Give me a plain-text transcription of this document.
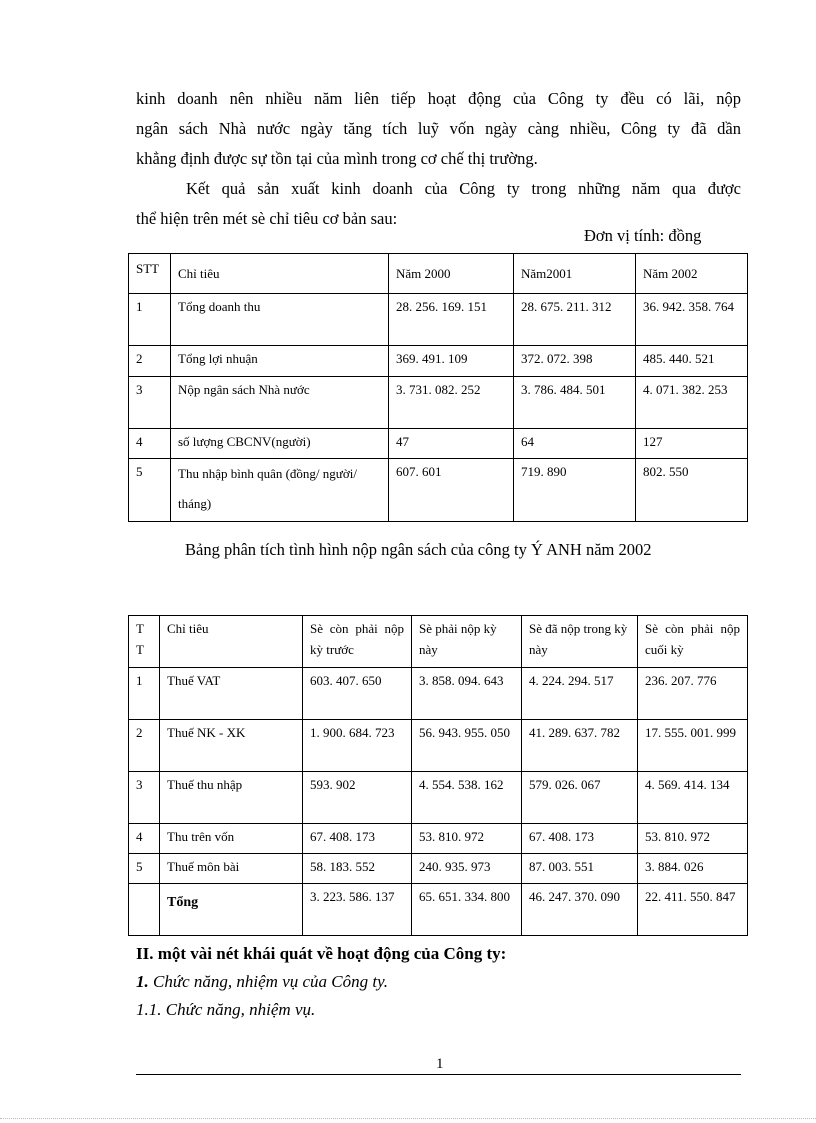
kinh doanh nên nhiều năm liên tiếp hoạt động của Công ty đều có lãi, nộp
ngân sách Nhà nước ngày tăng tích luỹ vốn ngày càng nhiều, Công ty đã dần
khẳng định được sự tồn tại của mình trong cơ chế thị trường.
Kết quả sản xuất kinh doanh của Công ty trong những năm qua được
thể hiện trên mét sè chỉ tiêu cơ bản sau:
Đơn vị tính: đồng
STT	Chỉ tiêu	Năm 2000	Năm2001	Năm 2002
1	Tổng doanh thu	28. 256. 169. 151	28. 675. 211. 312	36. 942. 358. 764
2	Tổng lợi nhuận	369. 491. 109	372. 072. 398	485. 440. 521
3	Nộp ngân sách Nhà nước	3. 731. 082. 252	3. 786. 484. 501	4. 071. 382. 253
4	số lượng CBCNV(người)	47	64	127
5	Thu nhập bình quân (đồng/ người/ tháng)	607. 601	719. 890	802. 550
Bảng phân tích tình hình nộp ngân sách của công ty Ý ANH năm 2002
T T	Chỉ tiêu	Sè còn phải nộp kỳ trước	Sè phải nộp kỳ này	Sè đã nộp trong kỳ này	Sè còn phải nộp cuối kỳ
1	Thuế VAT	603. 407. 650	3. 858. 094. 643	4. 224. 294. 517	236. 207. 776
2	Thuế NK - XK	1. 900. 684. 723	56. 943. 955. 050	41. 289. 637. 782	17. 555. 001. 999
3	Thuế thu nhập	593. 902	4. 554. 538. 162	579. 026. 067	4. 569. 414. 134
4	Thu trên vốn	67. 408. 173	53. 810. 972	67. 408. 173	53. 810. 972
5	Thuế môn bài	58. 183. 552	240. 935. 973	87. 003. 551	3. 884. 026
	Tổng	3. 223. 586. 137	65. 651. 334. 800	46. 247. 370. 090	22. 411. 550. 847
II. một vài nét khái quát về hoạt động của Công ty:
1. Chức năng, nhiệm vụ của Công ty.
1.1. Chức năng, nhiệm vụ.
1
